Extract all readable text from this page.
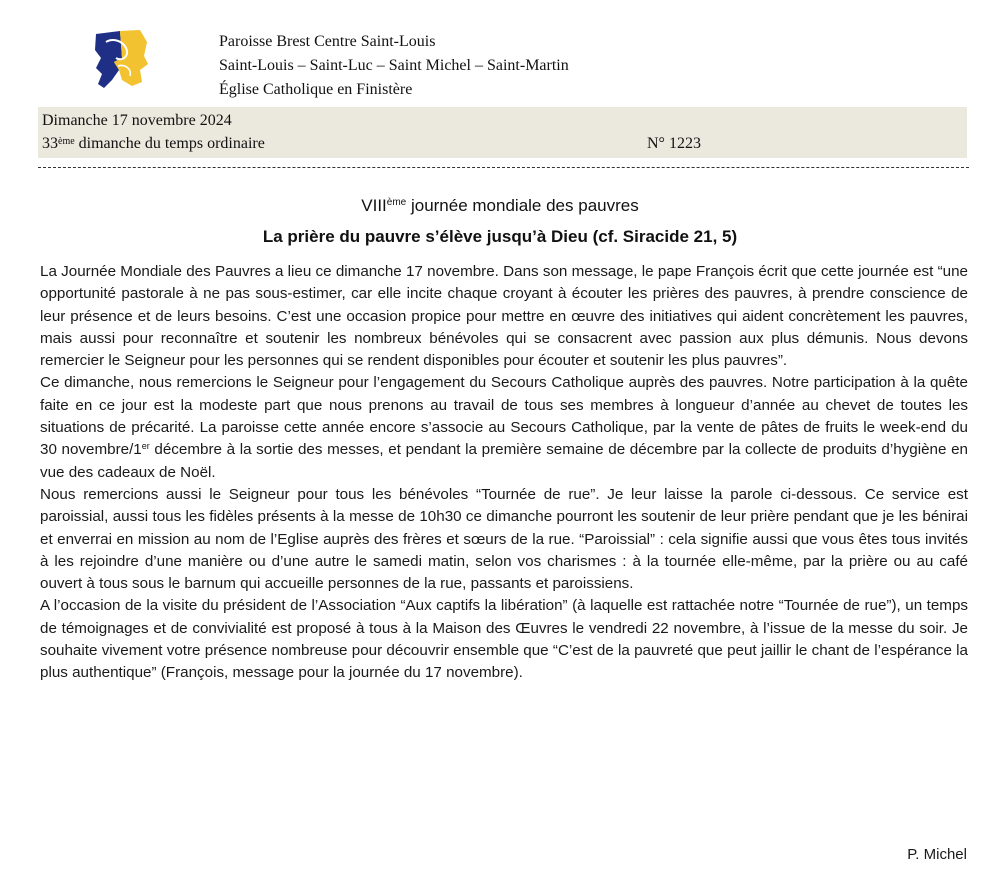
Paroisse Brest Centre Saint-Louis
Saint-Louis – Saint-Luc – Saint Michel – Saint-Martin
Église Catholique en Finistère
Dimanche 17 novembre 2024
33ème dimanche du temps ordinaire	N° 1223
VIIIème journée mondiale des pauvres
La prière du pauvre s’élève jusqu’à Dieu (cf. Siracide 21, 5)

La Journée Mondiale des Pauvres a lieu ce dimanche 17 novembre. Dans son message, le pape François écrit que cette journée est “une opportunité pastorale à ne pas sous-estimer, car elle incite chaque croyant à écouter les prières des pauvres, à prendre conscience de leur présence et de leurs besoins. C’est une occasion propice pour mettre en œuvre des initiatives qui aident concrètement les pauvres, mais aussi pour reconnaître et soutenir les nombreux bénévoles qui se consacrent avec passion aux plus démunis. Nous devons remercier le Seigneur pour les personnes qui se rendent disponibles pour écouter et soutenir les plus pauvres”.

Ce dimanche, nous remercions le Seigneur pour l’engagement du Secours Catholique auprès des pauvres. Notre participation à la quête faite en ce jour est la modeste part que nous prenons au travail de tous ses membres à longueur d’année au chevet de toutes les situations de précarité. La paroisse cette année encore s’associe au Secours Catholique, par la vente de pâtes de fruits le week-end du 30 novembre/1er décembre à la sortie des messes, et pendant la première semaine de décembre par la collecte de produits d’hygiène en vue des cadeaux de Noël.

Nous remercions aussi le Seigneur pour tous les bénévoles “Tournée de rue”. Je leur laisse la parole ci-dessous. Ce service est paroissial, aussi tous les fidèles présents à la messe de 10h30 ce dimanche pourront les soutenir de leur prière pendant que je les bénirai et enverrai en mission au nom de l’Eglise auprès des frères et sœurs de la rue. “Paroissial” : cela signifie aussi que vous êtes tous invités à les rejoindre d’une manière ou d’une autre le samedi matin, selon vos charismes : à la tournée elle-même, par la prière ou au café ouvert à tous sous le barnum qui accueille personnes de la rue, passants et paroissiens.

A l’occasion de la visite du président de l’Association “Aux captifs la libération” (à laquelle est rattachée notre “Tournée de rue”), un temps de témoignages et de convivialité est proposé à tous à la Maison des Œuvres le vendredi 22 novembre, à l’issue de la messe du soir. Je souhaite vivement votre présence nombreuse pour découvrir ensemble que “C’est de la pauvreté que peut jaillir le chant de l’espérance la plus authentique” (François, message pour la journée du 17 novembre).

P. Michel
